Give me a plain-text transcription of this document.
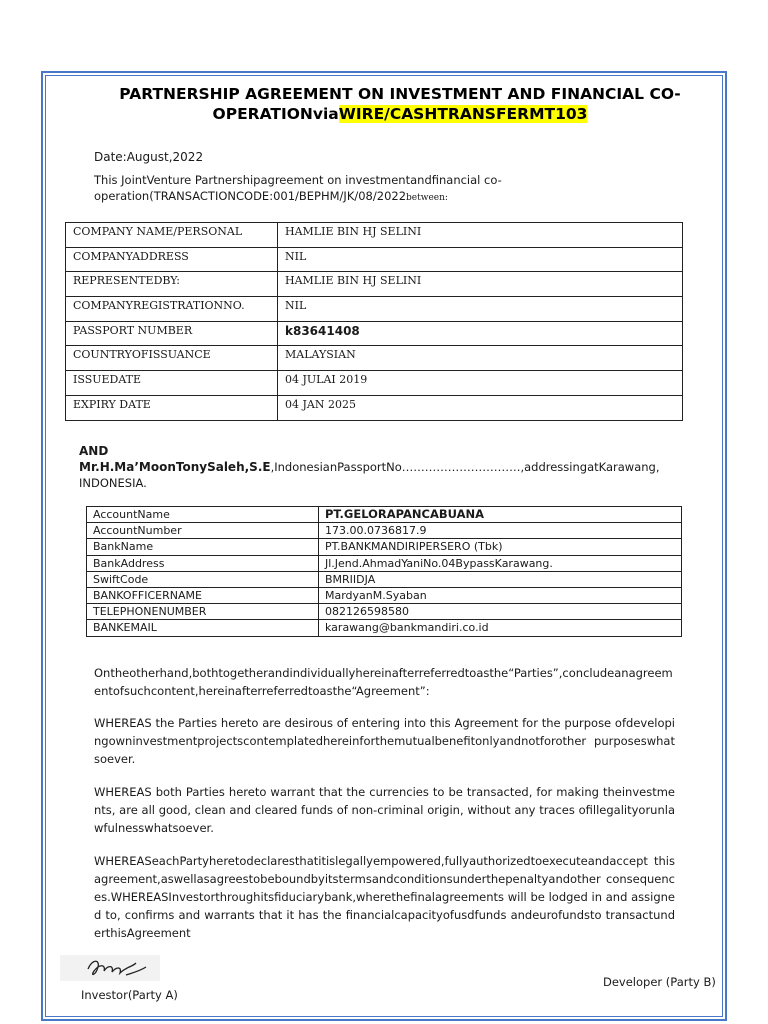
PARTNERSHIP AGREEMENT ON INVESTMENT AND FINANCIAL CO-
OPERATIONviaWIRE/CASHTRANSFERMT103
Date:August,2022
This JointVenture Partnershipagreement on investmentandfinancial co-
operation(TRANSACTIONCODE:001/BEPHM/JK/08/2022between:
COMPANY NAME/PERSONAL	HAMLIE BIN HJ SELINI
COMPANYADDRESS	NIL
REPRESENTEDBY:	HAMLIE BIN HJ SELINI
COMPANYREGISTRATIONNO.	NIL
PASSPORT NUMBER	k83641408
COUNTRYOFISSUANCE	MALAYSIAN
ISSUEDATE	04 JULAI 2019
EXPIRY DATE	04 JAN 2025
AND
Mr.H.Ma’MoonTonySaleh,S.E,IndonesianPassportNo………………………….,addressingatKarawang,
INDONESIA.
AccountName	PT.GELORAPANCABUANA
AccountNumber	173.00.0736817.9
BankName	PT.BANKMANDIRIPERSERO (Tbk)
BankAddress	Jl.Jend.AhmadYaniNo.04BypassKarawang.
SwiftCode	BMRIIDJA
BANKOFFICERNAME	MardyanM.Syaban
TELEPHONENUMBER	082126598580
BANKEMAIL	karawang@bankmandiri.co.id
Ontheotherhand,bothtogetherandindividuallyhereinafterreferredtoasthe“Parties”,concludeanagreementofsuchcontent,hereinafterreferredtoasthe“Agreement”:
WHEREAS the Parties hereto are desirous of entering into this Agreement for the purpose ofdevelopingowninvestmentprojectscontemplatedhereinforthemutualbenefitonlyandnotforother purposeswhatsoever.
WHEREAS both Parties hereto warrant that the currencies to be transacted, for making theinvestments, are all good, clean and cleared funds of non-criminal origin, without any traces ofillegalityorunlawfulnesswhatsoever.
WHEREASeachPartyheretodeclaresthatitislegallyempowered,fullyauthorizedtoexecuteandaccept thisagreement,aswellasagreestobeboundbyitstermsandconditionsunderthepenaltyandother consequences.WHEREASInvestorthroughitsfiduciarybank,wherethefinalagreements will be lodged in and assigned to, confirms and warrants that it has the financialcapacityofusdfunds andeurofundsto transactunderthisAgreement
Investor(Party A)
Developer (Party B)
